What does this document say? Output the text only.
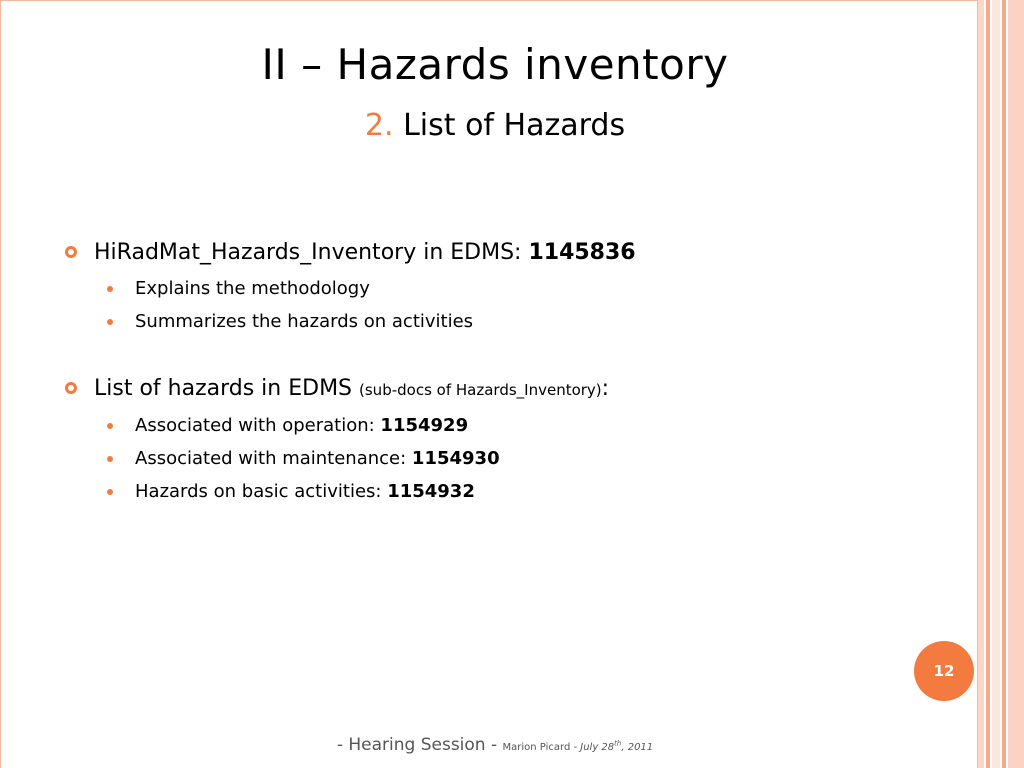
II – Hazards inventory
2. List of Hazards
HiRadMat_Hazards_Inventory in EDMS: 1145836
Explains the methodology
Summarizes the hazards on activities
List of hazards in EDMS (sub-docs of Hazards_Inventory):
Associated with operation: 1154929
Associated with maintenance: 1154930
Hazards on basic activities: 1154932
12
- Hearing Session - Marion Picard - July 28th, 2011
